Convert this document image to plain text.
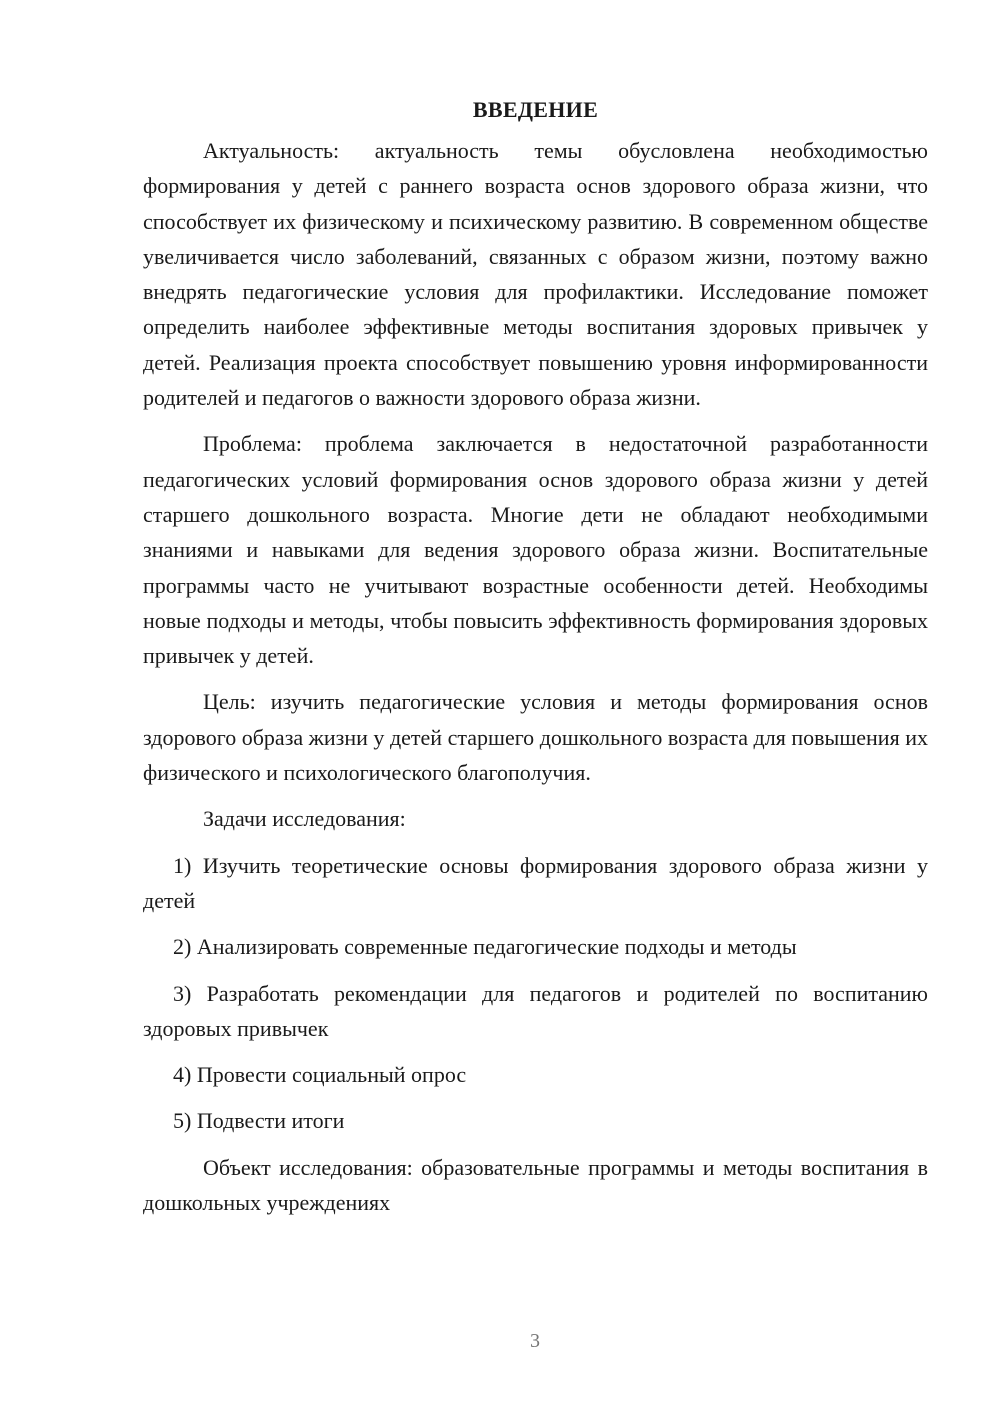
ВВЕДЕНИЕ

Актуальность: актуальность темы обусловлена необходимостью формирования у детей с раннего возраста основ здорового образа жизни, что способствует их физическому и психическому развитию. В современном обществе увеличивается число заболеваний, связанных с образом жизни, поэтому важно внедрять педагогические условия для профилактики. Исследование поможет определить наиболее эффективные методы воспитания здоровых привычек у детей. Реализация проекта способствует повышению уровня информированности родителей и педагогов о важности здорового образа жизни.

Проблема: проблема заключается в недостаточной разработанности педагогических условий формирования основ здорового образа жизни у детей старшего дошкольного возраста. Многие дети не обладают необходимыми знаниями и навыками для ведения здорового образа жизни. Воспитательные программы часто не учитывают возрастные особенности детей. Необходимы новые подходы и методы, чтобы повысить эффективность формирования здоровых привычек у детей.

Цель: изучить педагогические условия и методы формирования основ здорового образа жизни у детей старшего дошкольного возраста для повышения их физического и психологического благополучия.

Задачи исследования:

1) Изучить теоретические основы формирования здорового образа жизни у детей

2) Анализировать современные педагогические подходы и методы

3) Разработать рекомендации для педагогов и родителей по воспитанию здоровых привычек

4) Провести социальный опрос

5) Подвести итоги

Объект исследования: образовательные программы и методы воспитания в дошкольных учреждениях

3
